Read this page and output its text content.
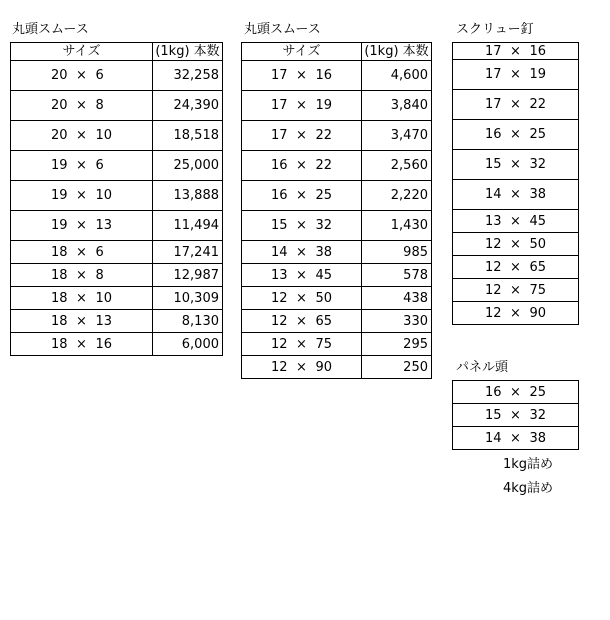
丸頭スムース
サイズ	(1kg) 本数
20 × 6	32,258
20 × 8	24,390
20 × 10	18,518
19 × 6	25,000
19 × 10	13,888
19 × 13	11,494
18 × 6	17,241
18 × 8	12,987
18 × 10	10,309
18 × 13	8,130
18 × 16	6,000
丸頭スムース
サイズ	(1kg) 本数
17 × 16	4,600
17 × 19	3,840
17 × 22	3,470
16 × 22	2,560
16 × 25	2,220
15 × 32	1,430
14 × 38	985
13 × 45	578
12 × 50	438
12 × 65	330
12 × 75	295
12 × 90	250
スクリュー釘
17 × 16
17 × 19
17 × 22
16 × 25
15 × 32
14 × 38
13 × 45
12 × 50
12 × 65
12 × 75
12 × 90
パネル頭
16 × 25
15 × 32
14 × 38
1kg詰め
4kg詰め
